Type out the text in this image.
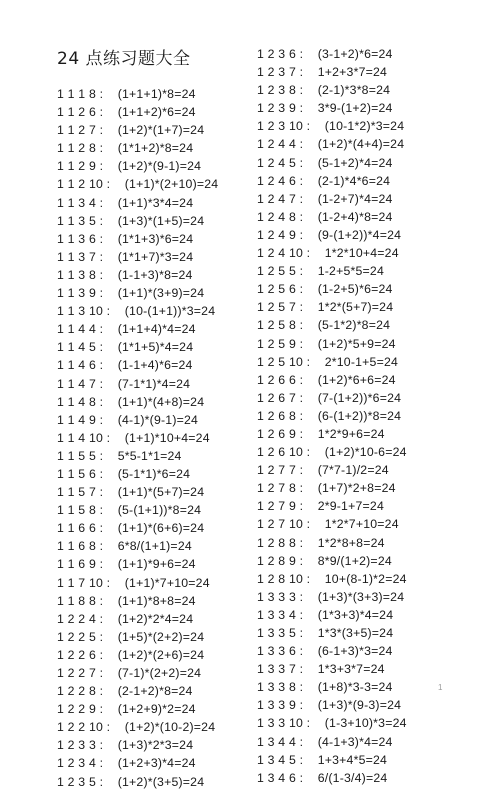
24 点练习题大全
1 1 1 8 :    (1+1+1)*8=24
1 1 2 6 :    (1+1+2)*6=24
1 1 2 7 :    (1+2)*(1+7)=24
1 1 2 8 :    (1*1+2)*8=24
1 1 2 9 :    (1+2)*(9-1)=24
1 1 2 10 :    (1+1)*(2+10)=24
1 1 3 4 :    (1+1)*3*4=24
1 1 3 5 :    (1+3)*(1+5)=24
1 1 3 6 :    (1*1+3)*6=24
1 1 3 7 :    (1*1+7)*3=24
1 1 3 8 :    (1-1+3)*8=24
1 1 3 9 :    (1+1)*(3+9)=24
1 1 3 10 :    (10-(1+1))*3=24
1 1 4 4 :    (1+1+4)*4=24
1 1 4 5 :    (1*1+5)*4=24
1 1 4 6 :    (1-1+4)*6=24
1 1 4 7 :    (7-1*1)*4=24
1 1 4 8 :    (1+1)*(4+8)=24
1 1 4 9 :    (4-1)*(9-1)=24
1 1 4 10 :    (1+1)*10+4=24
1 1 5 5 :    5*5-1*1=24
1 1 5 6 :    (5-1*1)*6=24
1 1 5 7 :    (1+1)*(5+7)=24
1 1 5 8 :    (5-(1+1))*8=24
1 1 6 6 :    (1+1)*(6+6)=24
1 1 6 8 :    6*8/(1+1)=24
1 1 6 9 :    (1+1)*9+6=24
1 1 7 10 :    (1+1)*7+10=24
1 1 8 8 :    (1+1)*8+8=24
1 2 2 4 :    (1+2)*2*4=24
1 2 2 5 :    (1+5)*(2+2)=24
1 2 2 6 :    (1+2)*(2+6)=24
1 2 2 7 :    (7-1)*(2+2)=24
1 2 2 8 :    (2-1+2)*8=24
1 2 2 9 :    (1+2+9)*2=24
1 2 2 10 :    (1+2)*(10-2)=24
1 2 3 3 :    (1+3)*2*3=24
1 2 3 4 :    (1+2+3)*4=24
1 2 3 5 :    (1+2)*(3+5)=24
1 2 3 6 :    (3-1+2)*6=24
1 2 3 7 :    1+2+3*7=24
1 2 3 8 :    (2-1)*3*8=24
1 2 3 9 :    3*9-(1+2)=24
1 2 3 10 :    (10-1*2)*3=24
1 2 4 4 :    (1+2)*(4+4)=24
1 2 4 5 :    (5-1+2)*4=24
1 2 4 6 :    (2-1)*4*6=24
1 2 4 7 :    (1-2+7)*4=24
1 2 4 8 :    (1-2+4)*8=24
1 2 4 9 :    (9-(1+2))*4=24
1 2 4 10 :    1*2*10+4=24
1 2 5 5 :    1-2+5*5=24
1 2 5 6 :    (1-2+5)*6=24
1 2 5 7 :    1*2*(5+7)=24
1 2 5 8 :    (5-1*2)*8=24
1 2 5 9 :    (1+2)*5+9=24
1 2 5 10 :    2*10-1+5=24
1 2 6 6 :    (1+2)*6+6=24
1 2 6 7 :    (7-(1+2))*6=24
1 2 6 8 :    (6-(1+2))*8=24
1 2 6 9 :    1*2*9+6=24
1 2 6 10 :    (1+2)*10-6=24
1 2 7 7 :    (7*7-1)/2=24
1 2 7 8 :    (1+7)*2+8=24
1 2 7 9 :    2*9-1+7=24
1 2 7 10 :    1*2*7+10=24
1 2 8 8 :    1*2*8+8=24
1 2 8 9 :    8*9/(1+2)=24
1 2 8 10 :    10+(8-1)*2=24
1 3 3 3 :    (1+3)*(3+3)=24
1 3 3 4 :    (1*3+3)*4=24
1 3 3 5 :    1*3*(3+5)=24
1 3 3 6 :    (6-1+3)*3=24
1 3 3 7 :    1*3+3*7=24
1 3 3 8 :    (1+8)*3-3=24
1 3 3 9 :    (1+3)*(9-3)=24
1 3 3 10 :    (1-3+10)*3=24
1 3 4 4 :    (4-1+3)*4=24
1 3 4 5 :    1+3+4*5=24
1 3 4 6 :    6/(1-3/4)=24
1
